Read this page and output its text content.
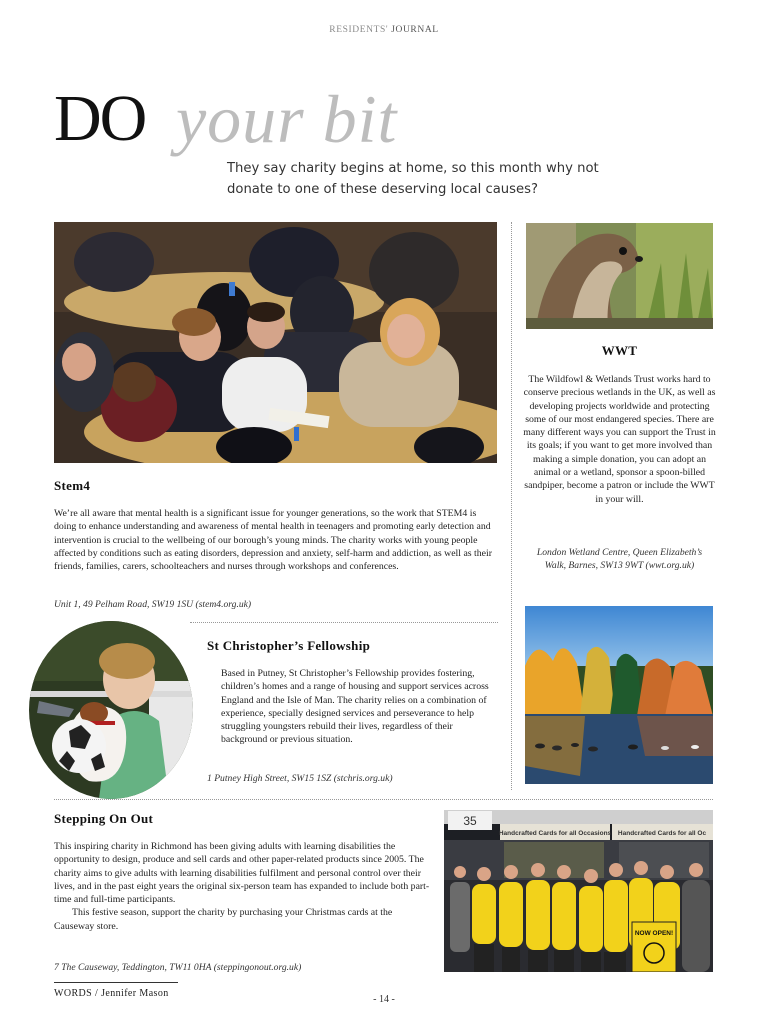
RESIDENTS' JOURNAL
DO your bit
They say charity begins at home, so this month why not donate to one of these deserving local causes?
WWT
The Wildfowl & Wetlands Trust works hard to conserve precious wetlands in the UK, as well as developing projects worldwide and protecting some of our most endangered species. There are many different ways you can support the Trust in its goals; if you want to get more involved than making a simple donation, you can adopt an animal or a wetland, sponsor a spoon-billed sandpiper, become a patron or include the WWT in your will.
London Wetland Centre, Queen Elizabeth’s Walk, Barnes, SW13 9WT (wwt.org.uk)
Stem4
We’re all aware that mental health is a significant issue for younger generations, so the work that STEM4 is doing to enhance understanding and awareness of mental health in teenagers and promoting early detection and intervention is crucial to the wellbeing of our borough’s young minds. The charity works with young people affected by conditions such as eating disorders, depression and anxiety, self-harm and addiction, as well as their friends, families, carers, schoolteachers and nurses through workshops and conferences.
Unit 1, 49 Pelham Road, SW19 1SU (stem4.org.uk)
St Christopher’s Fellowship
Based in Putney, St Christopher’s Fellowship provides fostering, children’s homes and a range of housing and support services across England and the Isle of Man. The charity relies on a combination of experience, specially designed services and perseverance to help struggling youngsters rebuild their lives, regardless of their background or previous situation.
1 Putney High Street, SW15 1SZ (stchris.org.uk)
Stepping On Out

This inspiring charity in Richmond has been giving adults with learning disabilities the opportunity to design, produce and sell cards and other paper-related products since 2005. The charity aims to give adults with learning disabilities fulfilment and personal control over their lives, and in the past eight years the original six-person team has expanded to include both part-time and full-time participants.

This festive season, support the charity by purchasing your Christmas cards at the Causeway store.

7 The Causeway, Teddington, TW11 0HA (steppingonout.org.uk)
35
Handcrafted Cards for all Occasions Handcrafted Cards for all Oc
NOW OPEN!
WORDS / Jennifer Mason
- 14 -
